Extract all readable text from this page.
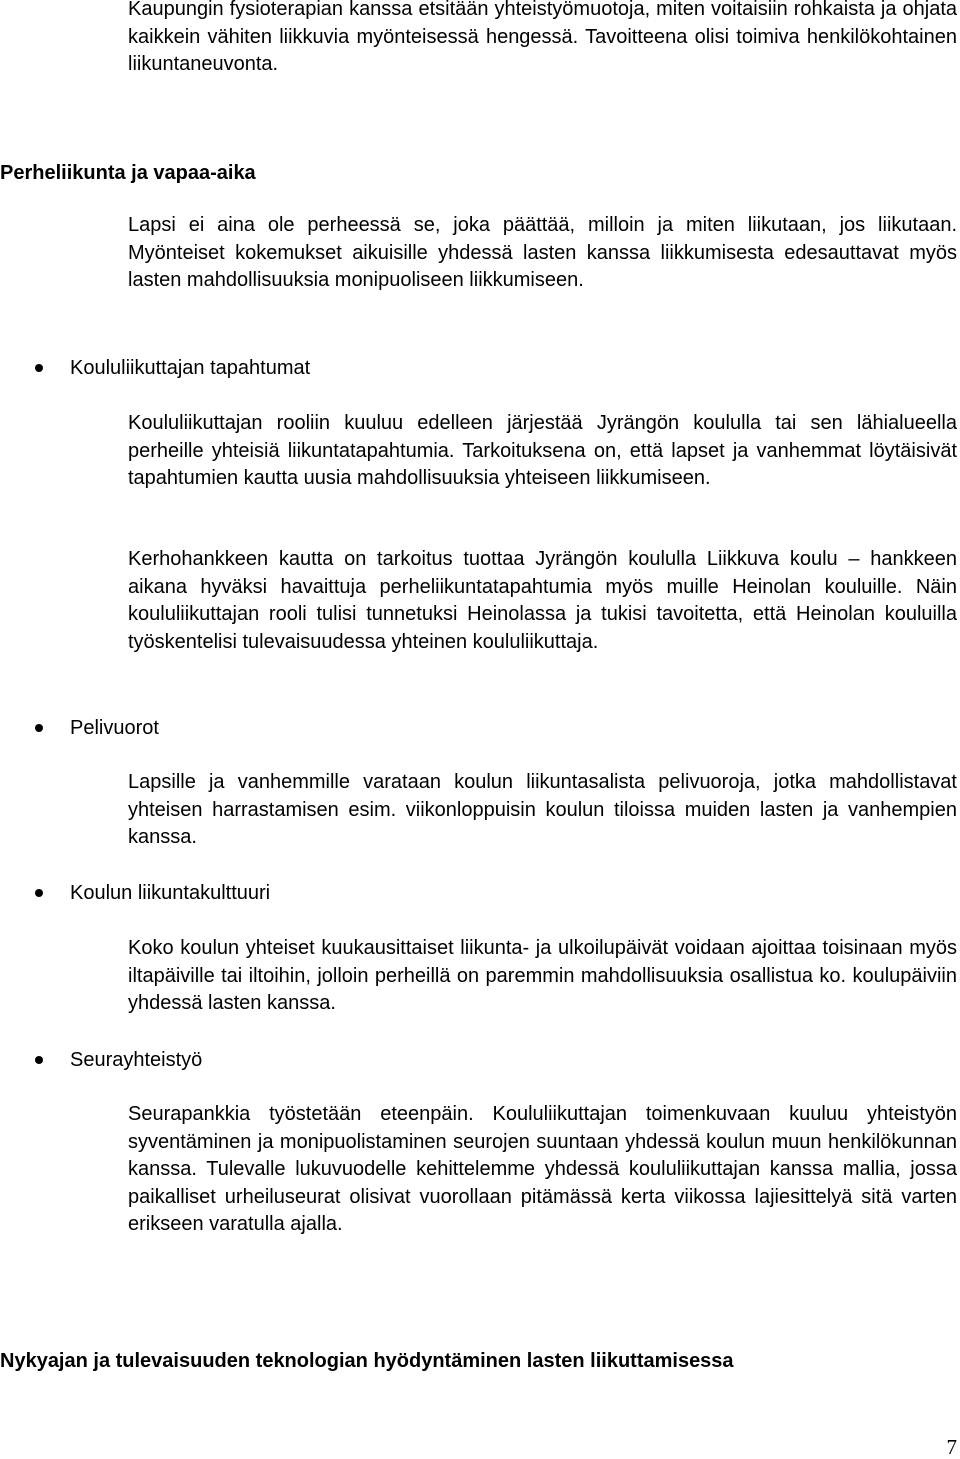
Kaupungin fysioterapian kanssa etsitään yhteistyömuotoja, miten voitaisiin rohkaista ja ohjata kaikkein vähiten liikkuvia myönteisessä hengessä. Tavoitteena olisi toimiva henkilökohtainen liikuntaneuvonta.

Perheliikunta ja vapaa-aika

Lapsi ei aina ole perheessä se, joka päättää, milloin ja miten liikutaan, jos liikutaan. Myönteiset kokemukset aikuisille yhdessä lasten kanssa liikkumisesta edesauttavat myös lasten mahdollisuuksia monipuoliseen liikkumiseen.

Koululiikuttajan tapahtumat

Koululiikuttajan rooliin kuuluu edelleen järjestää Jyrängön koululla tai sen lähialueella perheille yhteisiä liikuntatapahtumia. Tarkoituksena on, että lapset ja vanhemmat löytäisivät tapahtumien kautta uusia mahdollisuuksia yhteiseen liikkumiseen.

Kerhohankkeen kautta on tarkoitus tuottaa Jyrängön koululla Liikkuva koulu – hankkeen aikana hyväksi havaittuja perheliikuntatapahtumia myös muille Heinolan kouluille. Näin koululiikuttajan rooli tulisi tunnetuksi Heinolassa ja tukisi tavoitetta, että Heinolan kouluilla työskentelisi tulevaisuudessa yhteinen koululiikuttaja.

Pelivuorot

Lapsille ja vanhemmille varataan koulun liikuntasalista pelivuoroja, jotka mahdollistavat yhteisen harrastamisen esim. viikonloppuisin koulun tiloissa muiden lasten ja vanhempien kanssa.

Koulun liikuntakulttuuri

Koko koulun yhteiset kuukausittaiset liikunta- ja ulkoilupäivät voidaan ajoittaa toisinaan myös iltapäiville tai iltoihin, jolloin perheillä on paremmin mahdollisuuksia osallistua ko. koulupäiviin yhdessä lasten kanssa.

Seurayhteistyö

Seurapankkia työstetään eteenpäin. Koululiikuttajan toimenkuvaan kuuluu yhteistyön syventäminen ja monipuolistaminen seurojen suuntaan yhdessä koulun muun henkilökunnan kanssa. Tulevalle lukuvuodelle kehittelemme yhdessä koululiikuttajan kanssa mallia, jossa paikalliset urheiluseurat olisivat vuorollaan pitämässä kerta viikossa lajiesittelyä sitä varten erikseen varatulla ajalla.

Nykyajan ja tulevaisuuden teknologian hyödyntäminen lasten liikuttamisessa
7
